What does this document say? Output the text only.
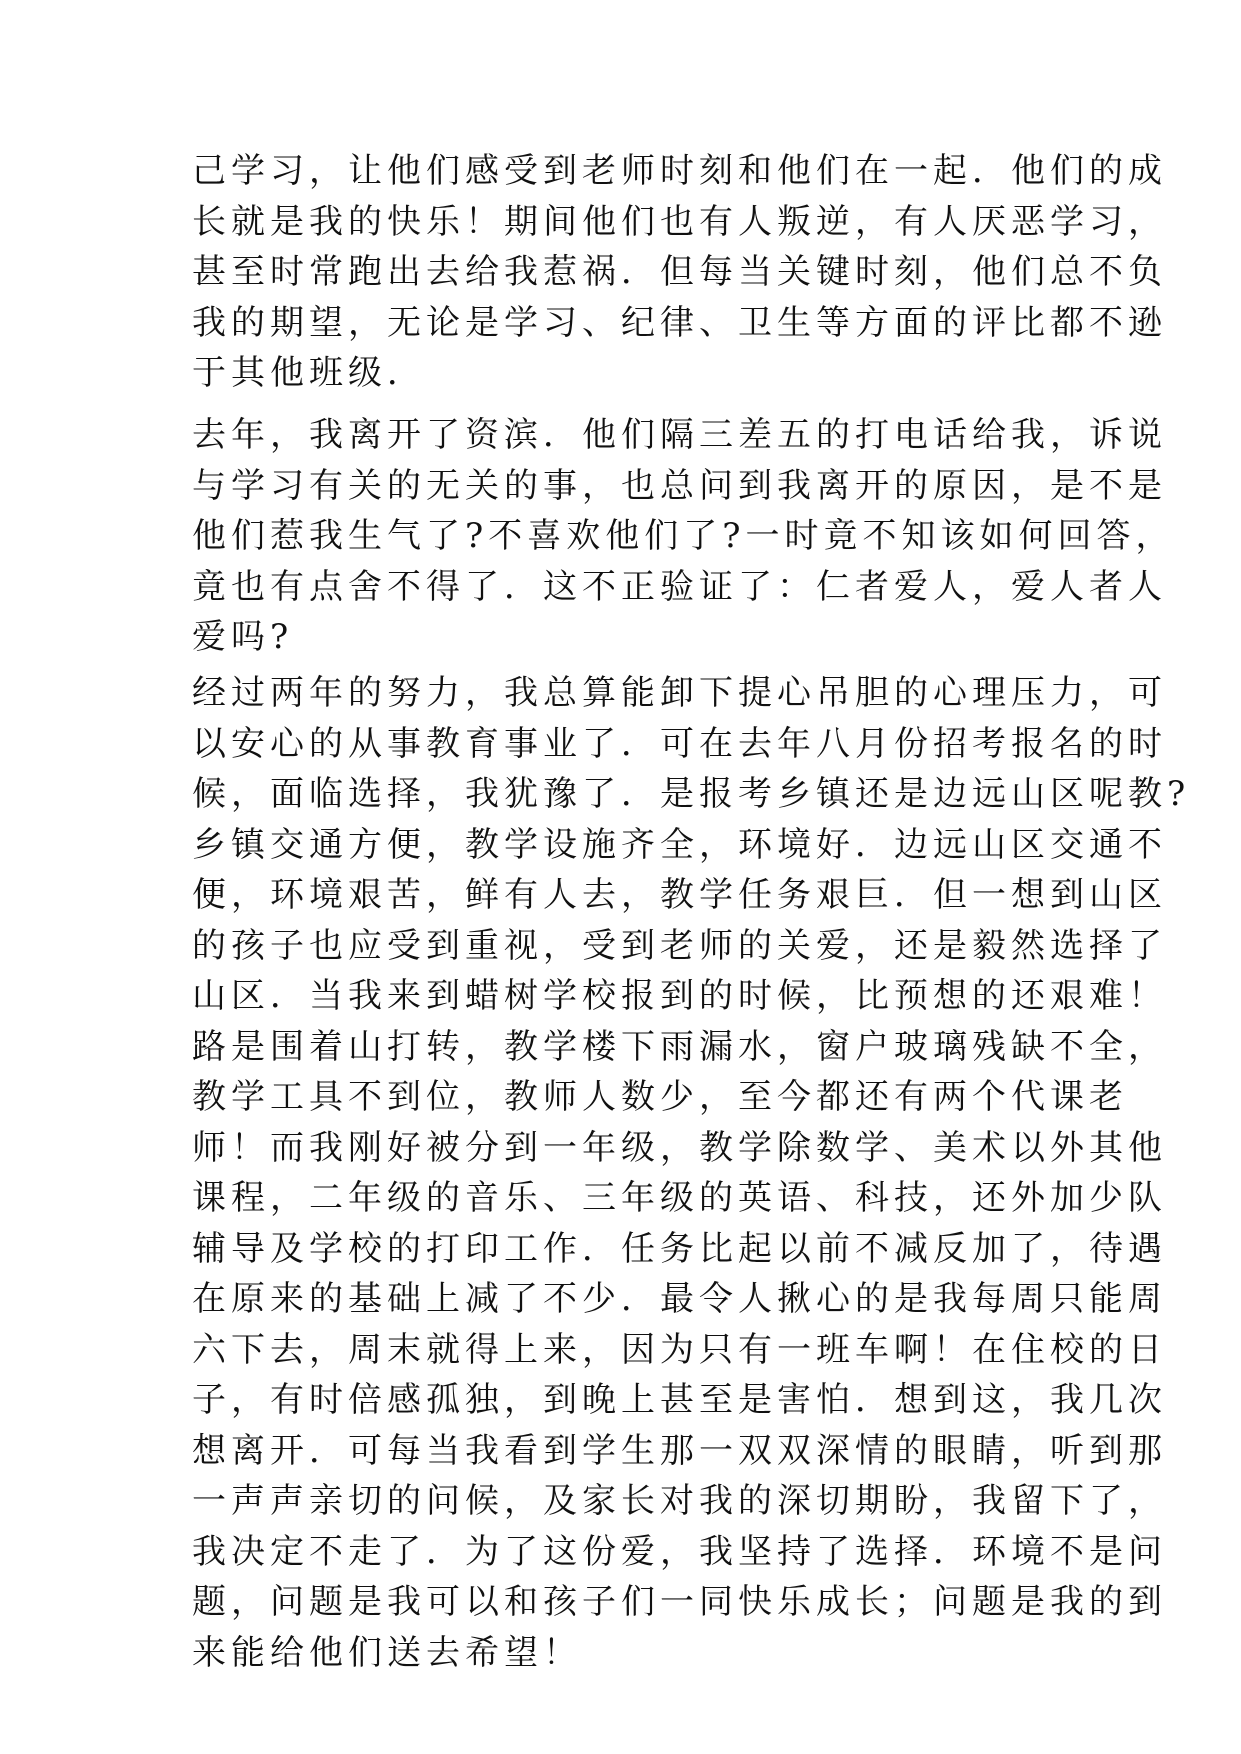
己学习，让他们感受到老师时刻和他们在一起．他们的成

长就是我的快乐！期间他们也有人叛逆，有人厌恶学习，

甚至时常跑出去给我惹祸．但每当关键时刻，他们总不负

我的期望，无论是学习、纪律、卫生等方面的评比都不逊

于其他班级．

去年，我离开了资滨．他们隔三差五的打电话给我，诉说

与学习有关的无关的事，也总问到我离开的原因，是不是

他们惹我生气了?不喜欢他们了?一时竟不知该如何回答，

竟也有点舍不得了．这不正验证了：仁者爱人，爱人者人

爱吗?

经过两年的努力，我总算能卸下提心吊胆的心理压力，可

以安心的从事教育事业了．可在去年八月份招考报名的时

候，面临选择，我犹豫了．是报考乡镇还是边远山区呢教?

乡镇交通方便，教学设施齐全，环境好．边远山区交通不

便，环境艰苦，鲜有人去，教学任务艰巨．但一想到山区

的孩子也应受到重视，受到老师的关爱，还是毅然选择了

山区．当我来到蜡树学校报到的时候，比预想的还艰难！

路是围着山打转，教学楼下雨漏水，窗户玻璃残缺不全，

教学工具不到位，教师人数少，至今都还有两个代课老

师！而我刚好被分到一年级，教学除数学、美术以外其他

课程，二年级的音乐、三年级的英语、科技，还外加少队

辅导及学校的打印工作．任务比起以前不减反加了，待遇

在原来的基础上减了不少．最令人揪心的是我每周只能周

六下去，周末就得上来，因为只有一班车啊！在住校的日

子，有时倍感孤独，到晚上甚至是害怕．想到这，我几次

想离开．可每当我看到学生那一双双深情的眼睛，听到那

一声声亲切的问候，及家长对我的深切期盼，我留下了，

我决定不走了．为了这份爱，我坚持了选择．环境不是问

题，问题是我可以和孩子们一同快乐成长；问题是我的到

来能给他们送去希望！
